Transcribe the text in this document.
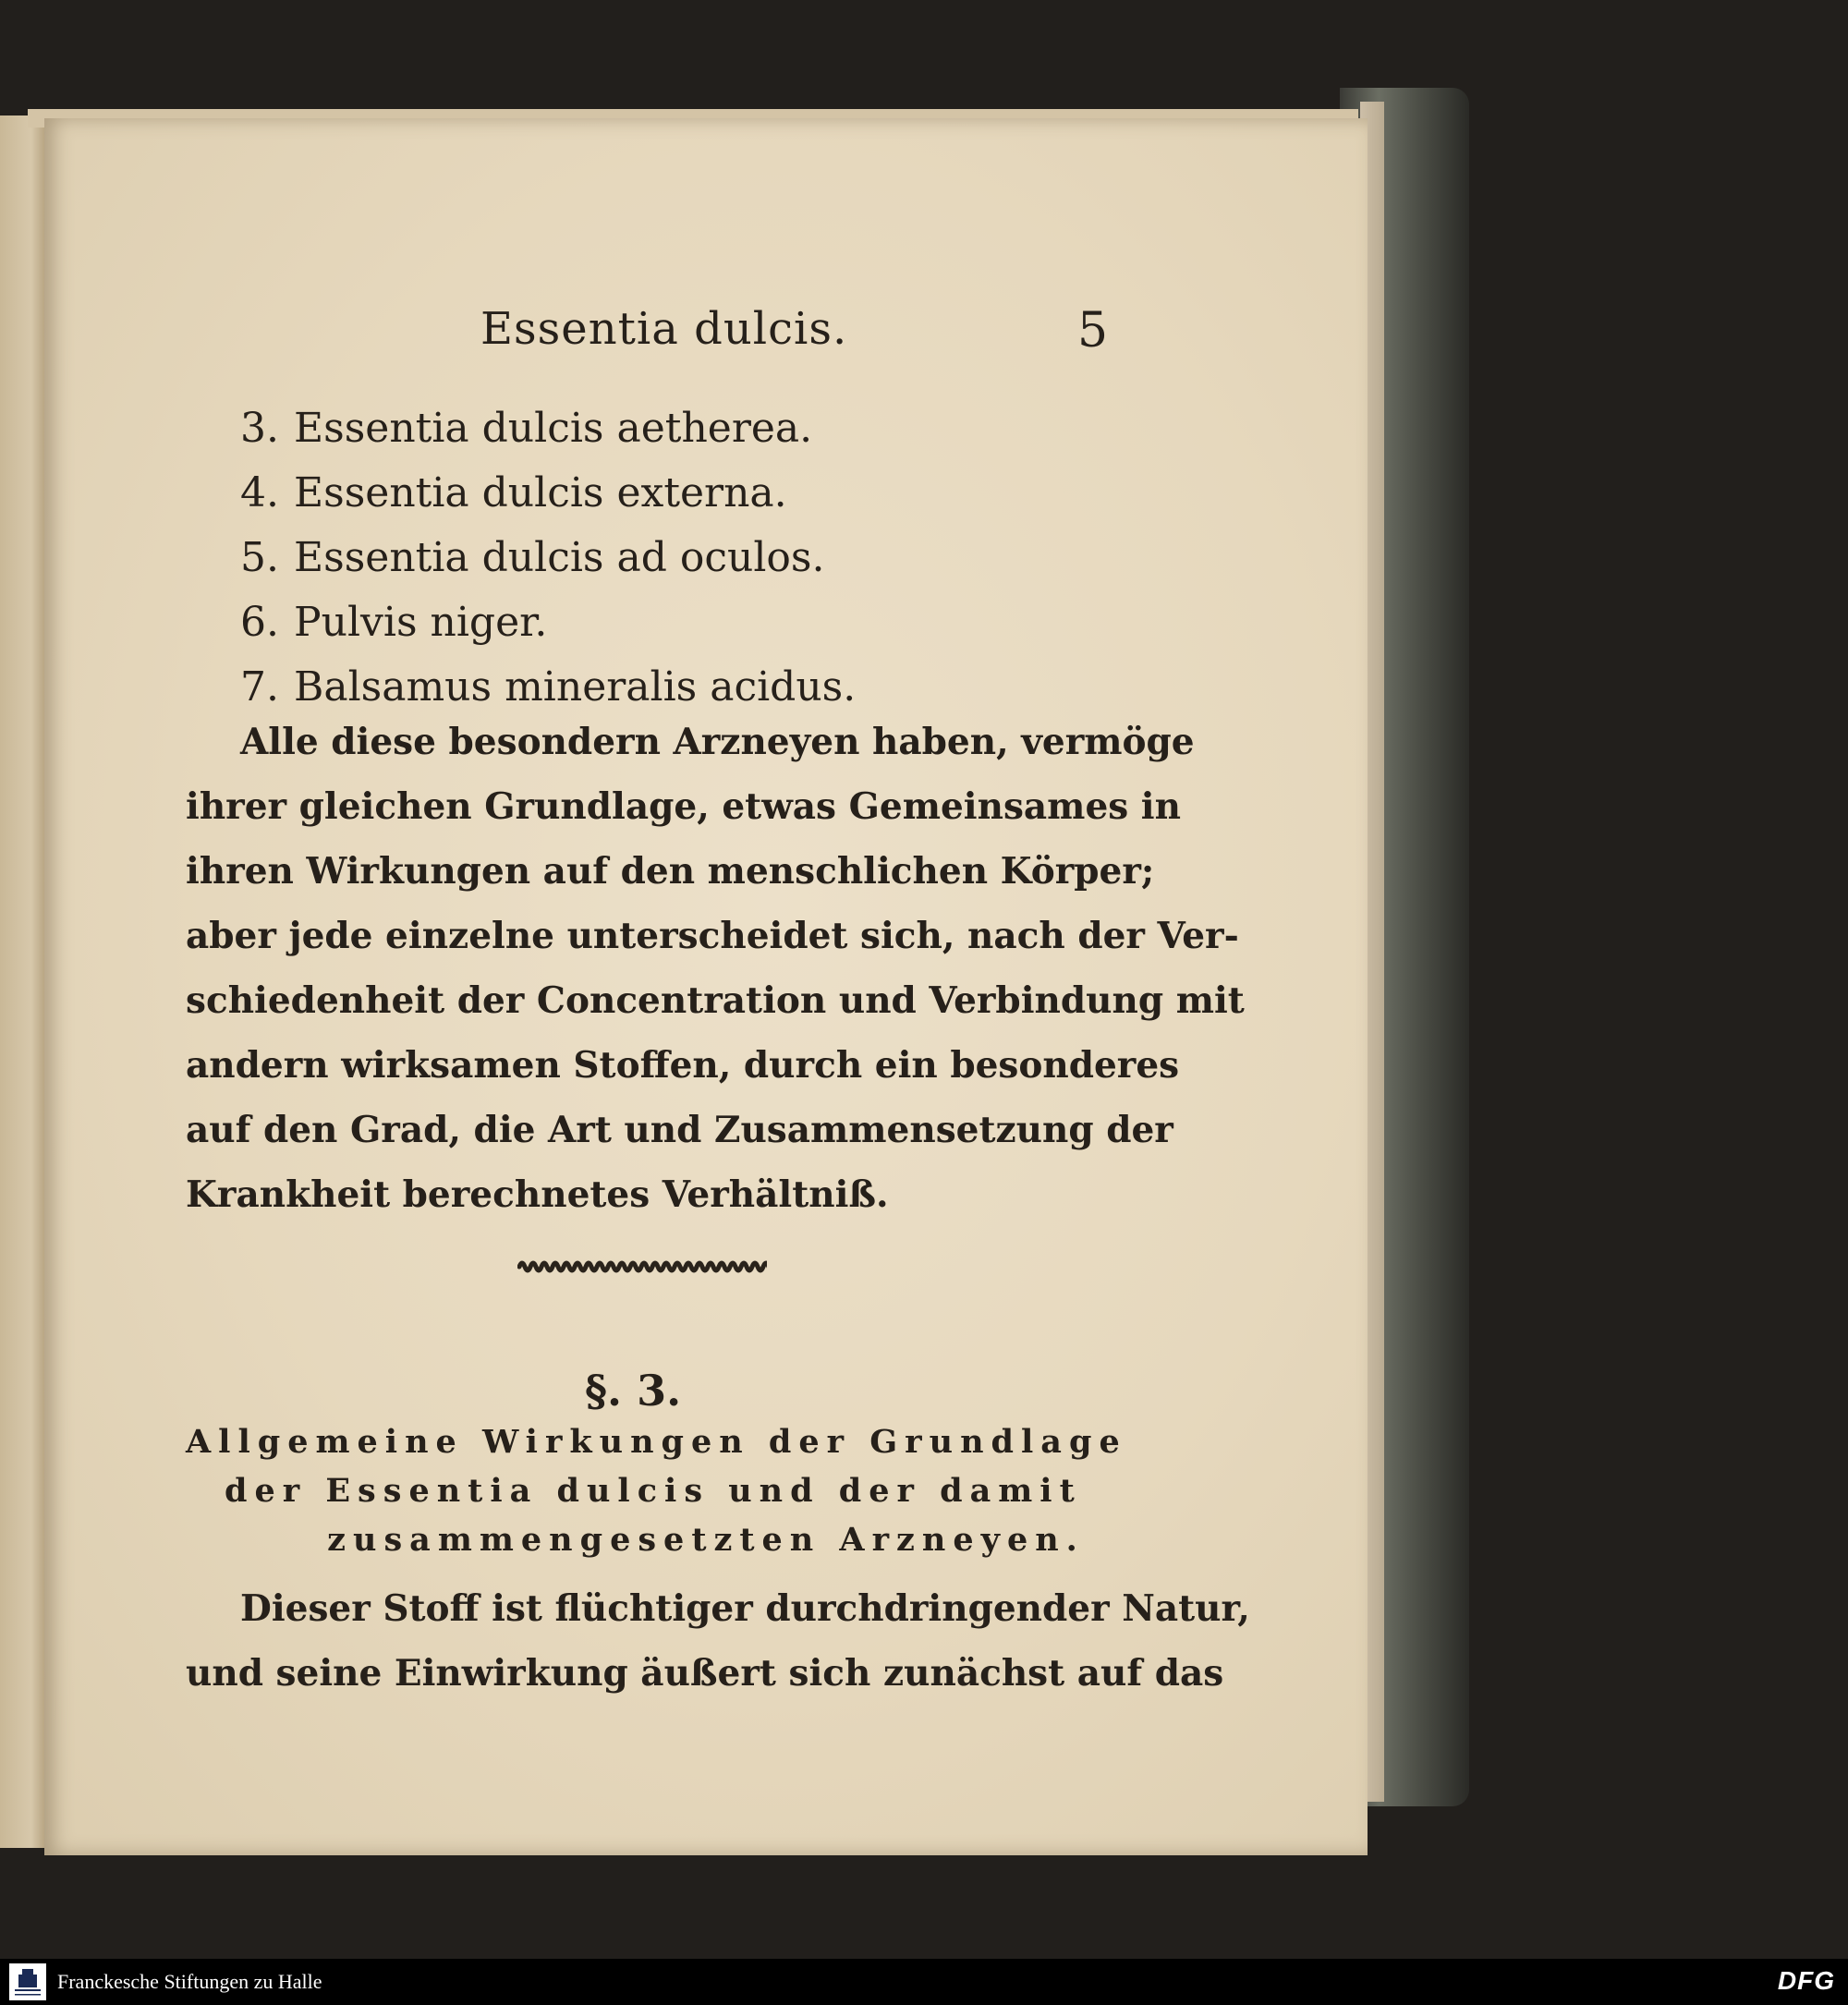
Essentia dulcis.	5

3. Essentia dulcis aetherea.

4. Essentia dulcis externa.

5. Essentia dulcis ad oculos.

6. Pulvis niger.

7. Balsamus mineralis acidus.

Alle diese besondern Arzneyen haben, vermöge

ihrer gleichen Grundlage, etwas Gemeinsames in

ihren Wirkungen auf den menschlichen Körper;

aber jede einzelne unterscheidet sich, nach der Ver-

schiedenheit der Concentration und Verbindung mit

andern wirksamen Stoffen, durch ein besonderes

auf den Grad, die Art und Zusammensetzung der

Krankheit berechnetes Verhältniß.

§. 3.

Allgemeine Wirkungen der Grundlage

der Essentia dulcis und der damit

zusammengesetzten Arzneyen.

Dieser Stoff ist flüchtiger durchdringender Natur,

und seine Einwirkung äußert sich zunächst auf das

Franckesche Stiftungen zu Halle	DFG
